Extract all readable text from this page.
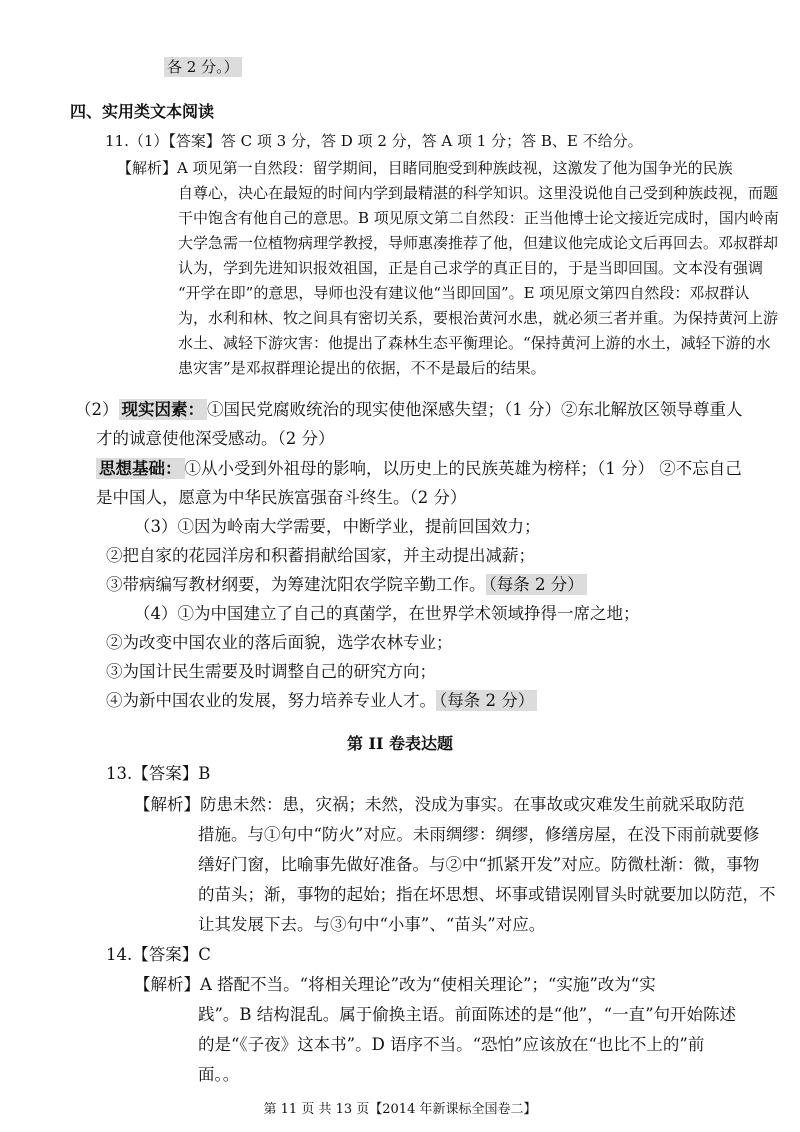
各 2 分。）
四、实用类文本阅读
11.（1）【答案】答 C 项 3 分，答 D 项 2 分，答 A 项 1 分；答 B、E 不给分。
【解析】A 项见第一自然段：留学期间，目睹同胞受到种族歧视，这激发了他为国争光的民族
自尊心，决心在最短的时间内学到最精湛的科学知识。这里没说他自己受到种族歧视，而题
干中饱含有他自己的意思。B 项见原文第二自然段：正当他博士论文接近完成时，国内岭南
大学急需一位植物病理学教授，导师惠凑推荐了他，但建议他完成论文后再回去。邓叔群却
认为，学到先进知识报效祖国，正是自己求学的真正目的，于是当即回国。文本没有强调
“开学在即”的意思，导师也没有建议他“当即回国”。E 项见原文第四自然段：邓叔群认
为，水利和林、牧之间具有密切关系，要根治黄河水患，就必须三者并重。为保持黄河上游
水土、减轻下游灾害：他提出了森林生态平衡理论。“保持黄河上游的水土，减轻下游的水
患灾害”是邓叔群理论提出的依据，不不是最后的结果。
（2） 现实因素： ①国民党腐败统治的现实使他深感失望；（1 分）②东北解放区领导尊重人
才的诚意使他深受感动。（2 分）
思想基础： ①从小受到外祖母的影响，以历史上的民族英雄为榜样；（1 分） ②不忘自己
是中国人，愿意为中华民族富强奋斗终生。（2 分）
（3）①因为岭南大学需要，中断学业，提前回国效力；
②把自家的花园洋房和积蓄捐献给国家，并主动提出减薪；
③带病编写教材纲要，为筹建沈阳农学院辛勤工作。 （每条 2 分）
（4）①为中国建立了自己的真菌学，在世界学术领域挣得一席之地；
②为改变中国农业的落后面貌，选学农林专业；
③为国计民生需要及时调整自己的研究方向；
④为新中国农业的发展，努力培养专业人才。 （每条 2 分）
第 II 卷表达题
13.【答案】B
【解析】防患未然：患，灾祸；未然，没成为事实。在事故或灾难发生前就采取防范
措施。与①句中“防火”对应。未雨绸缪：绸缪，修缮房屋，在没下雨前就要修
缮好门窗，比喻事先做好准备。与②中“抓紧开发”对应。防微杜渐：微，事物
的苗头；渐，事物的起始；指在坏思想、坏事或错误刚冒头时就要加以防范，不
让其发展下去。与③句中“小事”、“苗头”对应。
14.【答案】C
【解析】A 搭配不当。“将相关理论”改为“使相关理论”；“实施”改为“实
践”。B 结构混乱。属于偷换主语。前面陈述的是“他”，“一直”句开始陈述
的是“《子夜》这本书”。D 语序不当。“恐怕”应该放在“也比不上的”前
面。。
第 11 页 共 13 页【2014 年新课标全国卷二】
